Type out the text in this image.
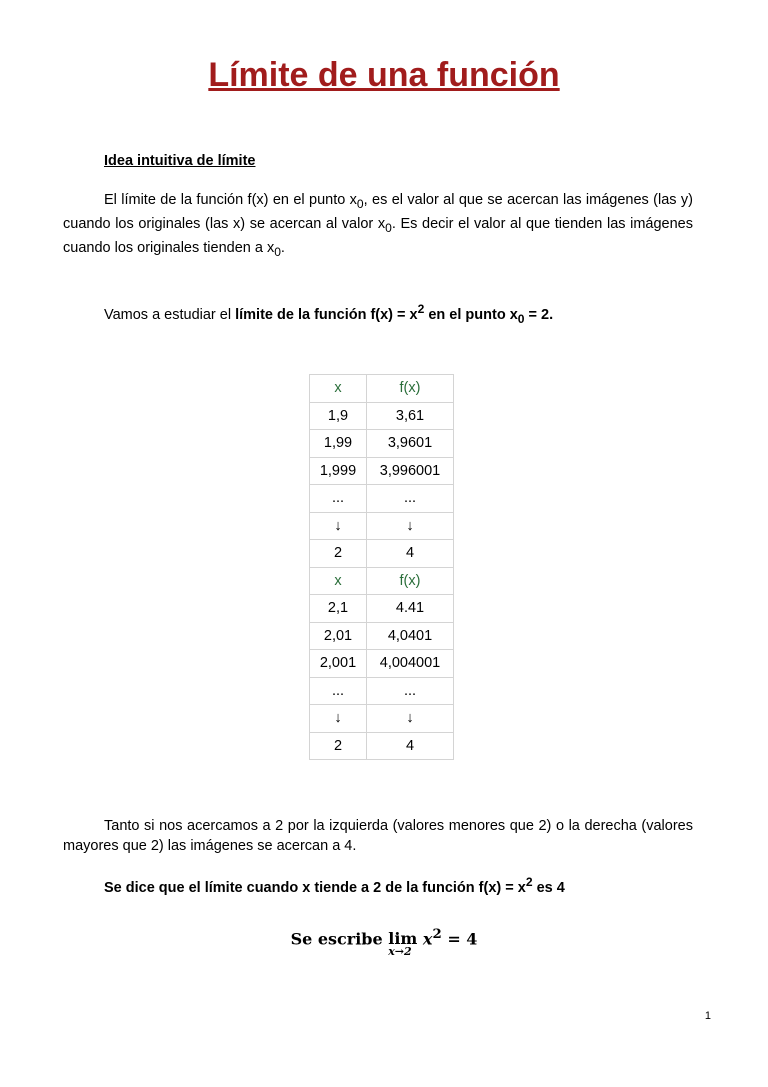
Límite de una función
Idea intuitiva de límite
El límite de la función f(x) en el punto $x_0$, es el valor al que se acercan las imágenes (las y) cuando los originales (las x) se acercan al valor $x_0$. Es decir el valor al que tienden las imágenes cuando los originales tienden a $x_0$.
Vamos a estudiar el límite de la función $f(x) = x^2$ en el punto $x_0 = 2$.
x	f(x)
1,9	3,61
1,99	3,9601
1,999	3,996001
...	...
↓	↓
2	4
x	f(x)
2,1	4.41
2,01	4,0401
2,001	4,004001
...	...
↓	↓
2	4
Tanto si nos acercamos a 2 por la izquierda (valores menores que 2) o la derecha (valores mayores que 2) las imágenes se acercan a 4.
Se dice que el límite cuando x tiende a 2 de la función $f(x) = x^2$ es 4
Se escribe lim
x→2
$x^2 = 4$
1
